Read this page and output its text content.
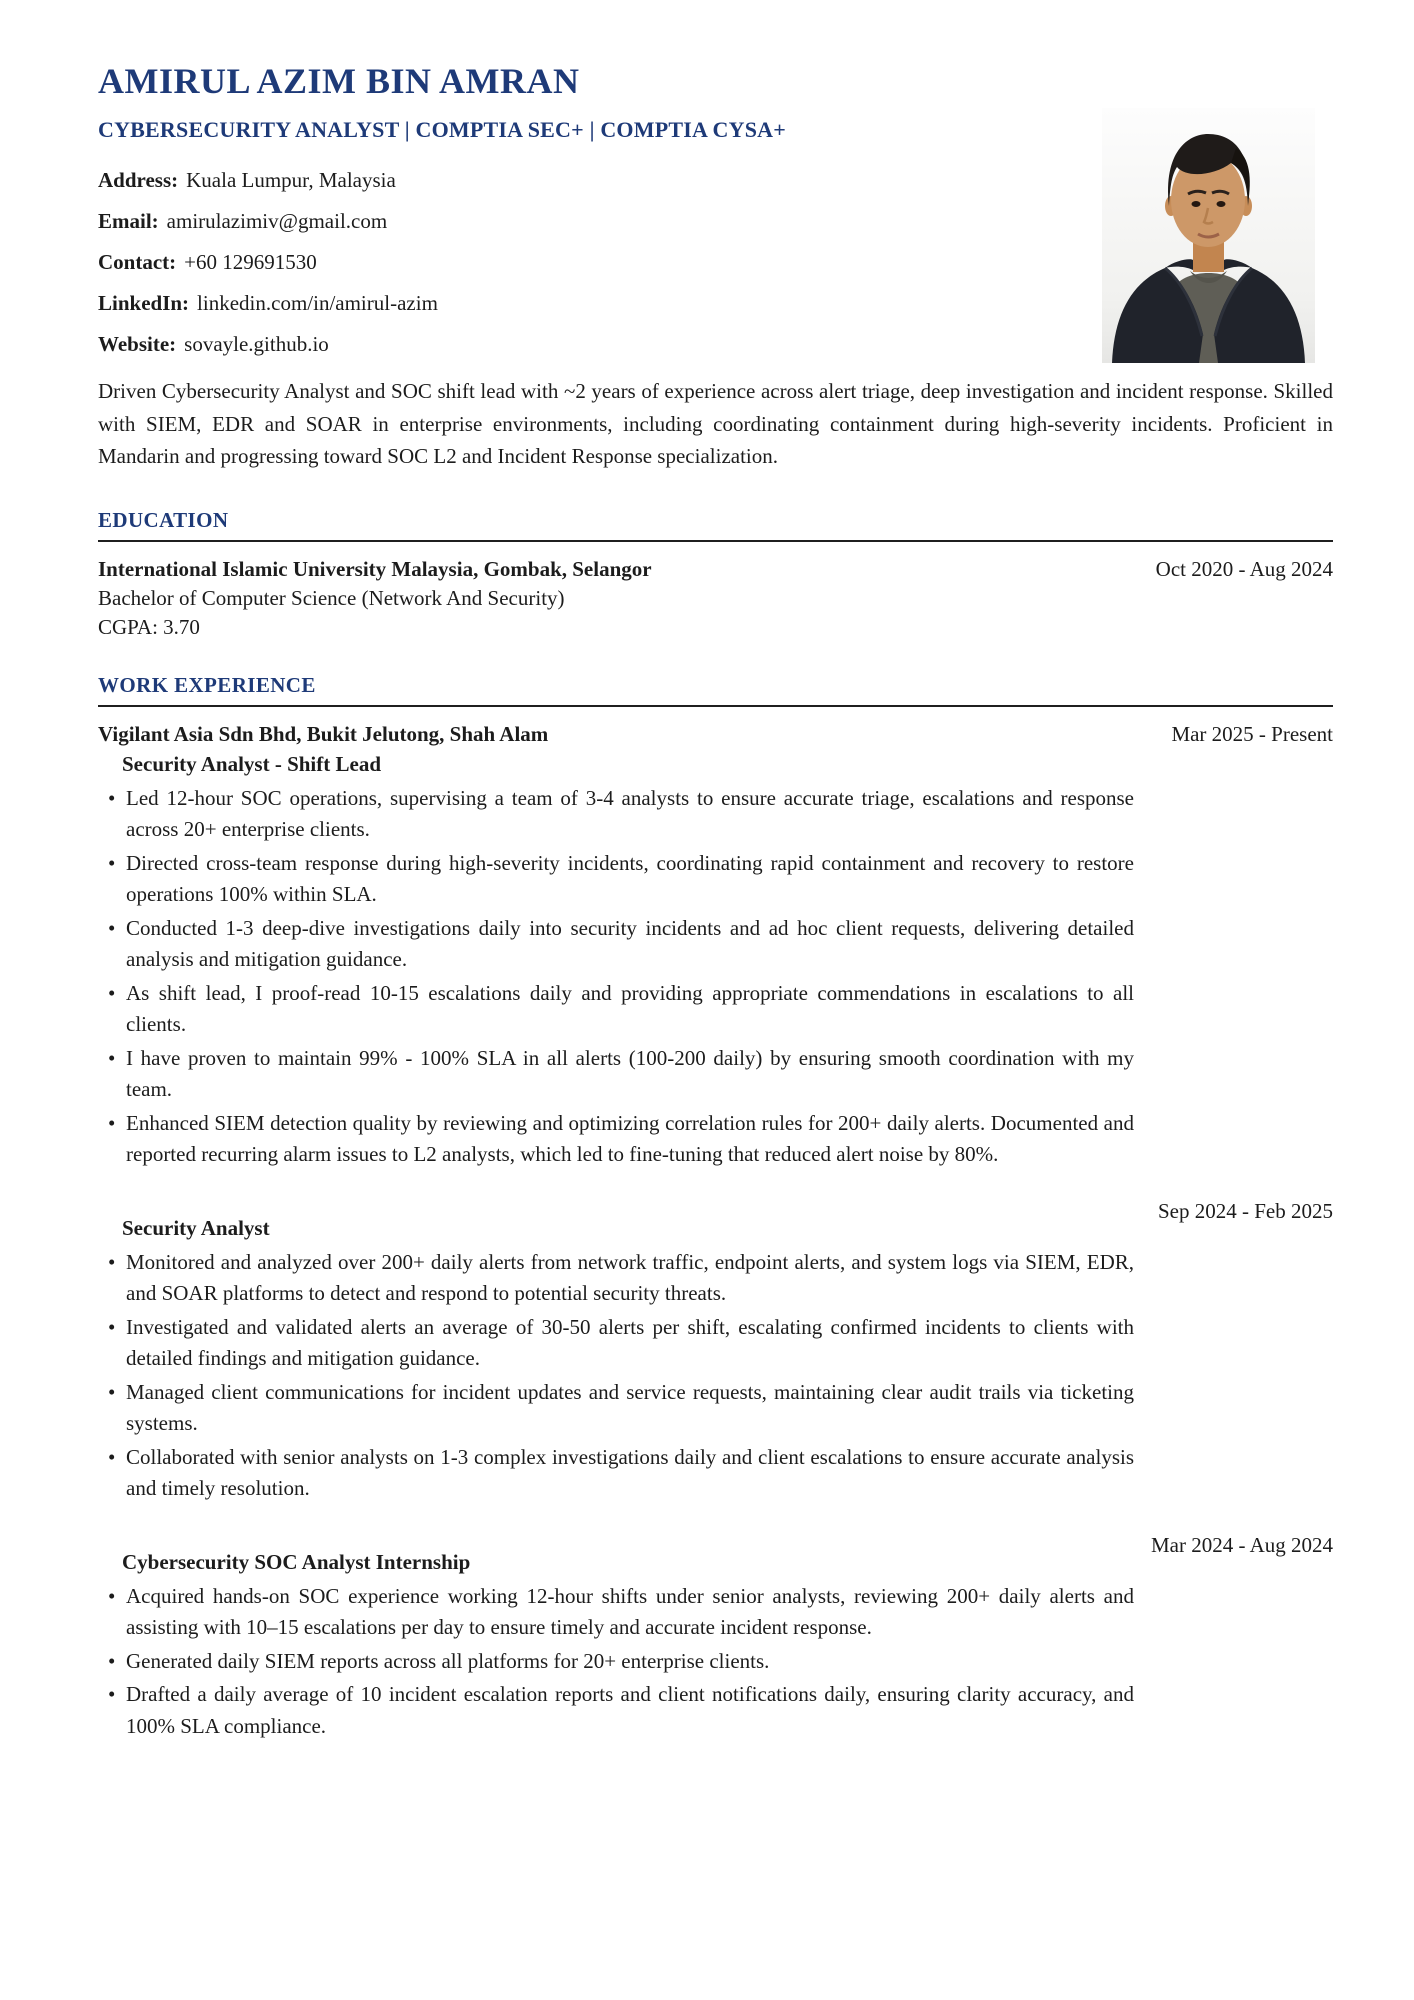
AMIRUL AZIM BIN AMRAN
CYBERSECURITY ANALYST | COMPTIA SEC+ | COMPTIA CYSA+
Address: Kuala Lumpur, Malaysia
Email: amirulazimiv@gmail.com
Contact: +60 129691530
LinkedIn: linkedin.com/in/amirul-azim
Website: sovayle.github.io

Driven Cybersecurity Analyst and SOC shift lead with ~2 years of experience across alert triage, deep investigation and incident response. Skilled with SIEM, EDR and SOAR in enterprise environments, including coordinating containment during high-severity incidents. Proficient in Mandarin and progressing toward SOC L2 and Incident Response specialization.

EDUCATION
International Islamic University Malaysia, Gombak, Selangor	Oct 2020 - Aug 2024
Bachelor of Computer Science (Network And Security)
CGPA: 3.70
WORK EXPERIENCE
Vigilant Asia Sdn Bhd, Bukit Jelutong, Shah Alam	Mar 2025 - Present
Security Analyst - Shift Lead
• Led 12-hour SOC operations, supervising a team of 3-4 analysts to ensure accurate triage, escalations and response across 20+ enterprise clients.
• Directed cross-team response during high-severity incidents, coordinating rapid containment and recovery to restore operations 100% within SLA.
• Conducted 1-3 deep-dive investigations daily into security incidents and ad hoc client requests, delivering detailed analysis and mitigation guidance.
• As shift lead, I proof-read 10-15 escalations daily and providing appropriate commendations in escalations to all clients.
• I have proven to maintain 99% - 100% SLA in all alerts (100-200 daily) by ensuring smooth coordination with my team.
• Enhanced SIEM detection quality by reviewing and optimizing correlation rules for 200+ daily alerts. Documented and reported recurring alarm issues to L2 analysts, which led to fine-tuning that reduced alert noise by 80%.
Security Analyst
Sep 2024 - Feb 2025
• Monitored and analyzed over 200+ daily alerts from network traffic, endpoint alerts, and system logs via SIEM, EDR, and SOAR platforms to detect and respond to potential security threats.
• Investigated and validated alerts an average of 30-50 alerts per shift, escalating confirmed incidents to clients with detailed findings and mitigation guidance.
• Managed client communications for incident updates and service requests, maintaining clear audit trails via ticketing systems.
• Collaborated with senior analysts on 1-3 complex investigations daily and client escalations to ensure accurate analysis and timely resolution.
Cybersecurity SOC Analyst Internship
Mar 2024 - Aug 2024
• Acquired hands-on SOC experience working 12-hour shifts under senior analysts, reviewing 200+ daily alerts and assisting with 10–15 escalations per day to ensure timely and accurate incident response.
• Generated daily SIEM reports across all platforms for 20+ enterprise clients.
• Drafted a daily average of 10 incident escalation reports and client notifications daily, ensuring clarity accuracy, and 100% SLA compliance.
